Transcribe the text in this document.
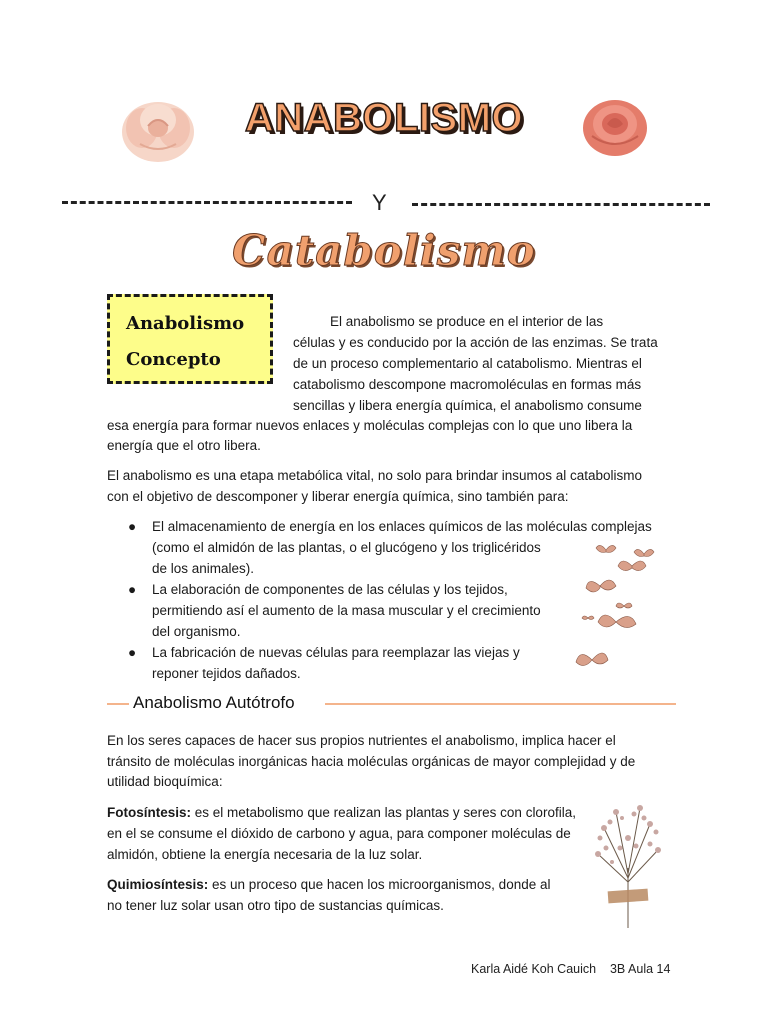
ANABOLISMO
Y
Catabolismo
Anabolismo
Concepto
El anabolismo se produce en el interior de las
células y es conducido por la acción de las enzimas. Se trata
de un proceso complementario al catabolismo. Mientras el
catabolismo descompone macromoléculas en formas más
sencillas y libera energía química, el anabolismo consume
esa energía para formar nuevos enlaces y moléculas complejas con lo que uno libera la
energía que el otro libera.
El anabolismo es una etapa metabólica vital, no solo para brindar insumos al catabolismo
con el objetivo de descomponer y liberar energía química, sino también para:
● El almacenamiento de energía en los enlaces químicos de las moléculas complejas
(como el almidón de las plantas, o el glucógeno y los triglicéridos
de los animales).
● La elaboración de componentes de las células y los tejidos,
permitiendo así el aumento de la masa muscular y el crecimiento
del organismo.
● La fabricación de nuevas células para reemplazar las viejas y
reponer tejidos dañados.
Anabolismo Autótrofo
En los seres capaces de hacer sus propios nutrientes el anabolismo, implica hacer el
tránsito de moléculas inorgánicas hacia moléculas orgánicas de mayor complejidad y de
utilidad bioquímica:
Fotosíntesis: es el metabolismo que realizan las plantas y seres con clorofila,
en el se consume el dióxido de carbono y agua, para componer moléculas de
almidón, obtiene la energía necesaria de la luz solar.
Quimiosíntesis: es un proceso que hacen los microorganismos, donde al
no tener luz solar usan otro tipo de sustancias químicas.
Karla Aidé Koh Cauich    3B Aula 14
